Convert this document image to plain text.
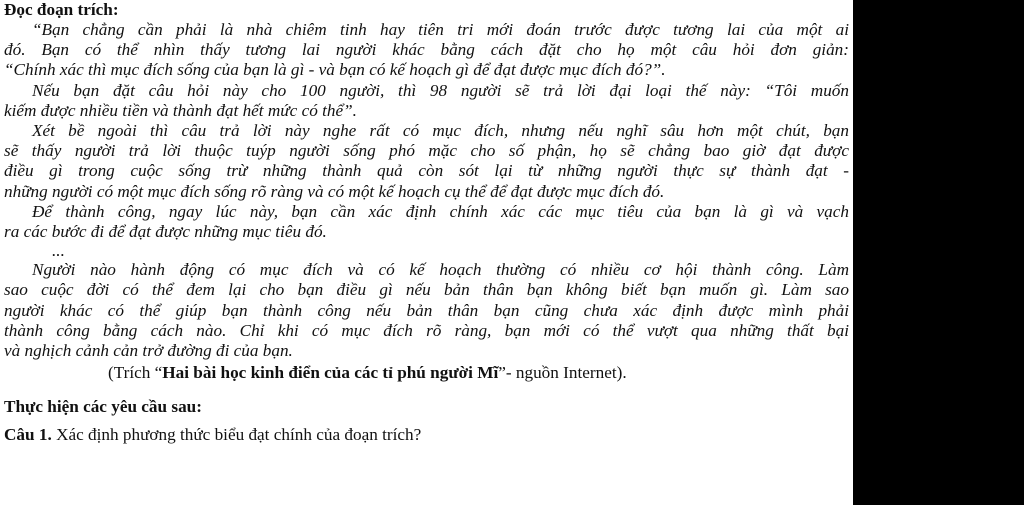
Đọc đoạn trích:
“Bạn chẳng cần phải là nhà chiêm tinh hay tiên tri mới đoán trước được tương lai của một ai
đó. Bạn có thể nhìn thấy tương lai người khác bằng cách đặt cho họ một câu hỏi đơn giản:
“Chính xác thì mục đích sống của bạn là gì - và bạn có kế hoạch gì để đạt được mục đích đó?”.
Nếu bạn đặt câu hỏi này cho 100 người, thì 98 người sẽ trả lời đại loại thế này: “Tôi muốn
kiếm được nhiều tiền và thành đạt hết mức có thể”.
Xét bề ngoài thì câu trả lời này nghe rất có mục đích, nhưng nếu nghĩ sâu hơn một chút, bạn
sẽ thấy người trả lời thuộc tuýp người sống phó mặc cho số phận, họ sẽ chẳng bao giờ đạt được
điều gì trong cuộc sống trừ những thành quả còn sót lại từ những người thực sự thành đạt -
những người có một mục đích sống rõ ràng và có một kế hoạch cụ thể để đạt được mục đích đó.
Để thành công, ngay lúc này, bạn cần xác định chính xác các mục tiêu của bạn là gì và vạch
ra các bước đi để đạt được những mục tiêu đó.
...
Người nào hành động có mục đích và có kế hoạch thường có nhiều cơ hội thành công. Làm
sao cuộc đời có thể đem lại cho bạn điều gì nếu bản thân bạn không biết bạn muốn gì. Làm sao
người khác có thể giúp bạn thành công nếu bản thân bạn cũng chưa xác định được mình phải
thành công bằng cách nào. Chỉ khi có mục đích rõ ràng, bạn mới có thể vượt qua những thất bại
và nghịch cảnh cản trở đường đi của bạn.
(Trích “Hai bài học kinh điển của các tỉ phú người Mĩ”- nguồn Internet).
Thực hiện các yêu cầu sau:
Câu 1. Xác định phương thức biểu đạt chính của đoạn trích?
